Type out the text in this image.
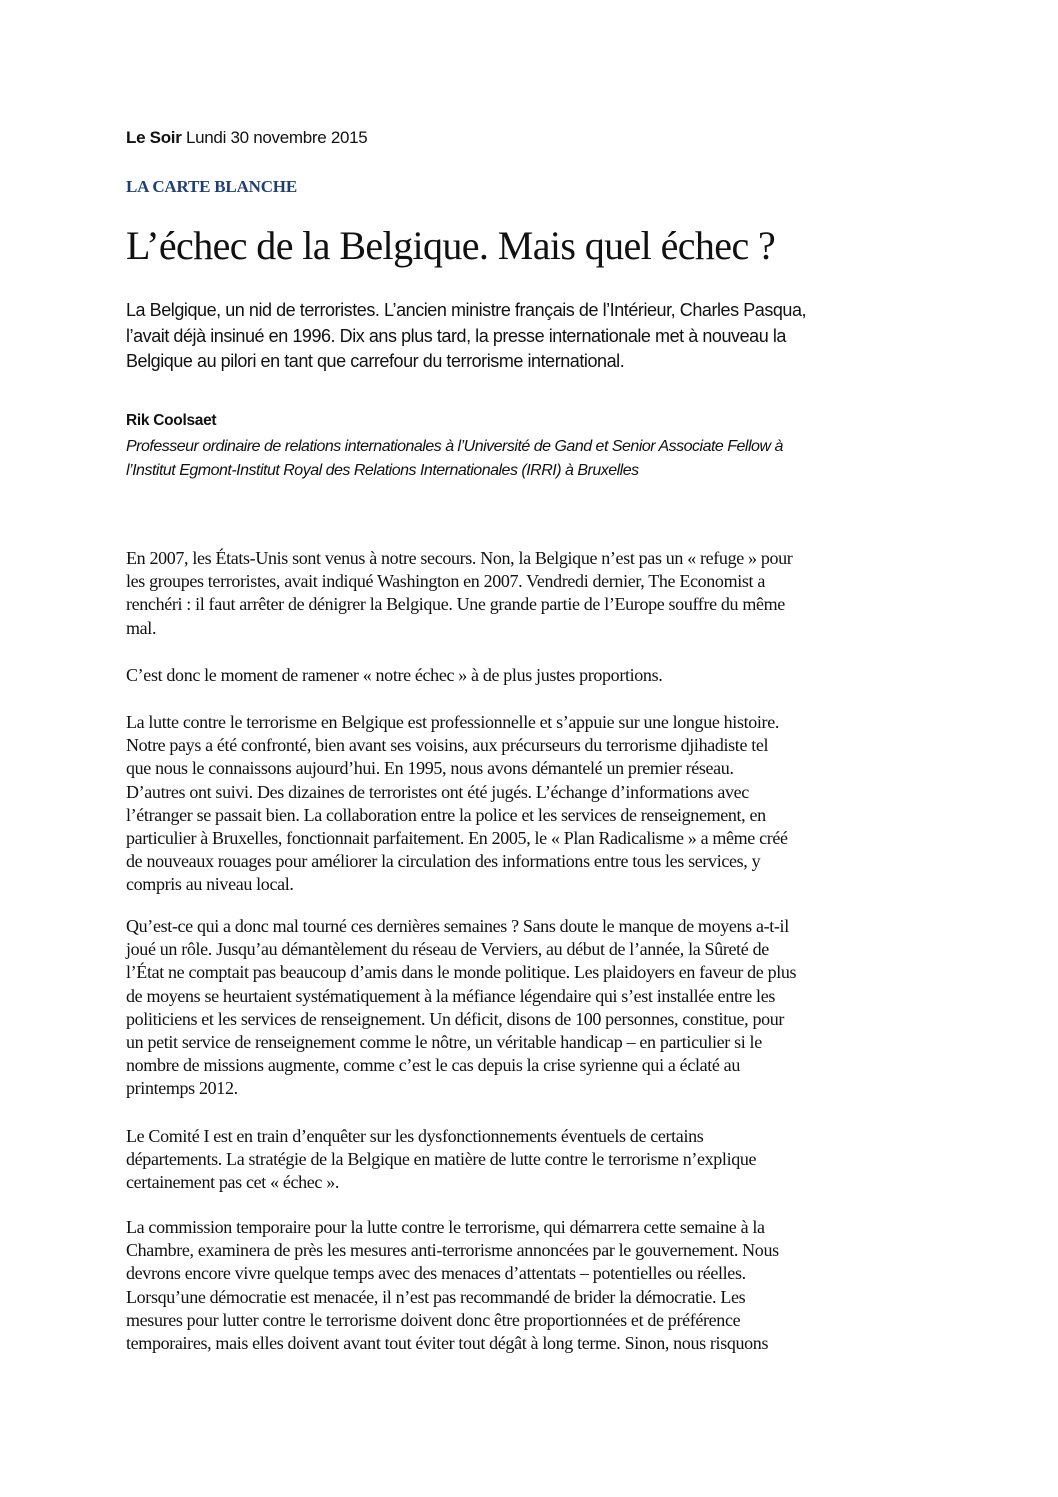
Le Soir Lundi 30 novembre 2015
LA CARTE BLANCHE
L’échec de la Belgique. Mais quel échec ?
La Belgique, un nid de terroristes. L’ancien ministre français de l’Intérieur, Charles Pasqua,
l’avait déjà insinué en 1996. Dix ans plus tard, la presse internationale met à nouveau la
Belgique au pilori en tant que carrefour du terrorisme international.
Rik Coolsaet
Professeur ordinaire de relations internationales à l’Université de Gand et Senior Associate Fellow à
l’Institut Egmont-Institut Royal des Relations Internationales (IRRI) à Bruxelles
En 2007, les États-Unis sont venus à notre secours. Non, la Belgique n’est pas un « refuge » pour
les groupes terroristes, avait indiqué Washington en 2007. Vendredi dernier, The Economist a
renchéri : il faut arrêter de dénigrer la Belgique. Une grande partie de l’Europe souffre du même
mal.
C’est donc le moment de ramener « notre échec » à de plus justes proportions.
La lutte contre le terrorisme en Belgique est professionnelle et s’appuie sur une longue histoire.
Notre pays a été confronté, bien avant ses voisins, aux précurseurs du terrorisme djihadiste tel
que nous le connaissons aujourd’hui. En 1995, nous avons démantelé un premier réseau.
D’autres ont suivi. Des dizaines de terroristes ont été jugés. L’échange d’informations avec
l’étranger se passait bien. La collaboration entre la police et les services de renseignement, en
particulier à Bruxelles, fonctionnait parfaitement. En 2005, le « Plan Radicalisme » a même créé
de nouveaux rouages pour améliorer la circulation des informations entre tous les services, y
compris au niveau local.
Qu’est-ce qui a donc mal tourné ces dernières semaines ? Sans doute le manque de moyens a-t-il
joué un rôle. Jusqu’au démantèlement du réseau de Verviers, au début de l’année, la Sûreté de
l’État ne comptait pas beaucoup d’amis dans le monde politique. Les plaidoyers en faveur de plus
de moyens se heurtaient systématiquement à la méfiance légendaire qui s’est installée entre les
politiciens et les services de renseignement. Un déficit, disons de 100 personnes, constitue, pour
un petit service de renseignement comme le nôtre, un véritable handicap – en particulier si le
nombre de missions augmente, comme c’est le cas depuis la crise syrienne qui a éclaté au
printemps 2012.
Le Comité I est en train d’enquêter sur les dysfonctionnements éventuels de certains
départements. La stratégie de la Belgique en matière de lutte contre le terrorisme n’explique
certainement pas cet « échec ».
La commission temporaire pour la lutte contre le terrorisme, qui démarrera cette semaine à la
Chambre, examinera de près les mesures anti-terrorisme annoncées par le gouvernement. Nous
devrons encore vivre quelque temps avec des menaces d’attentats – potentielles ou réelles.
Lorsqu’une démocratie est menacée, il n’est pas recommandé de brider la démocratie. Les
mesures pour lutter contre le terrorisme doivent donc être proportionnées et de préférence
temporaires, mais elles doivent avant tout éviter tout dégât à long terme. Sinon, nous risquons
